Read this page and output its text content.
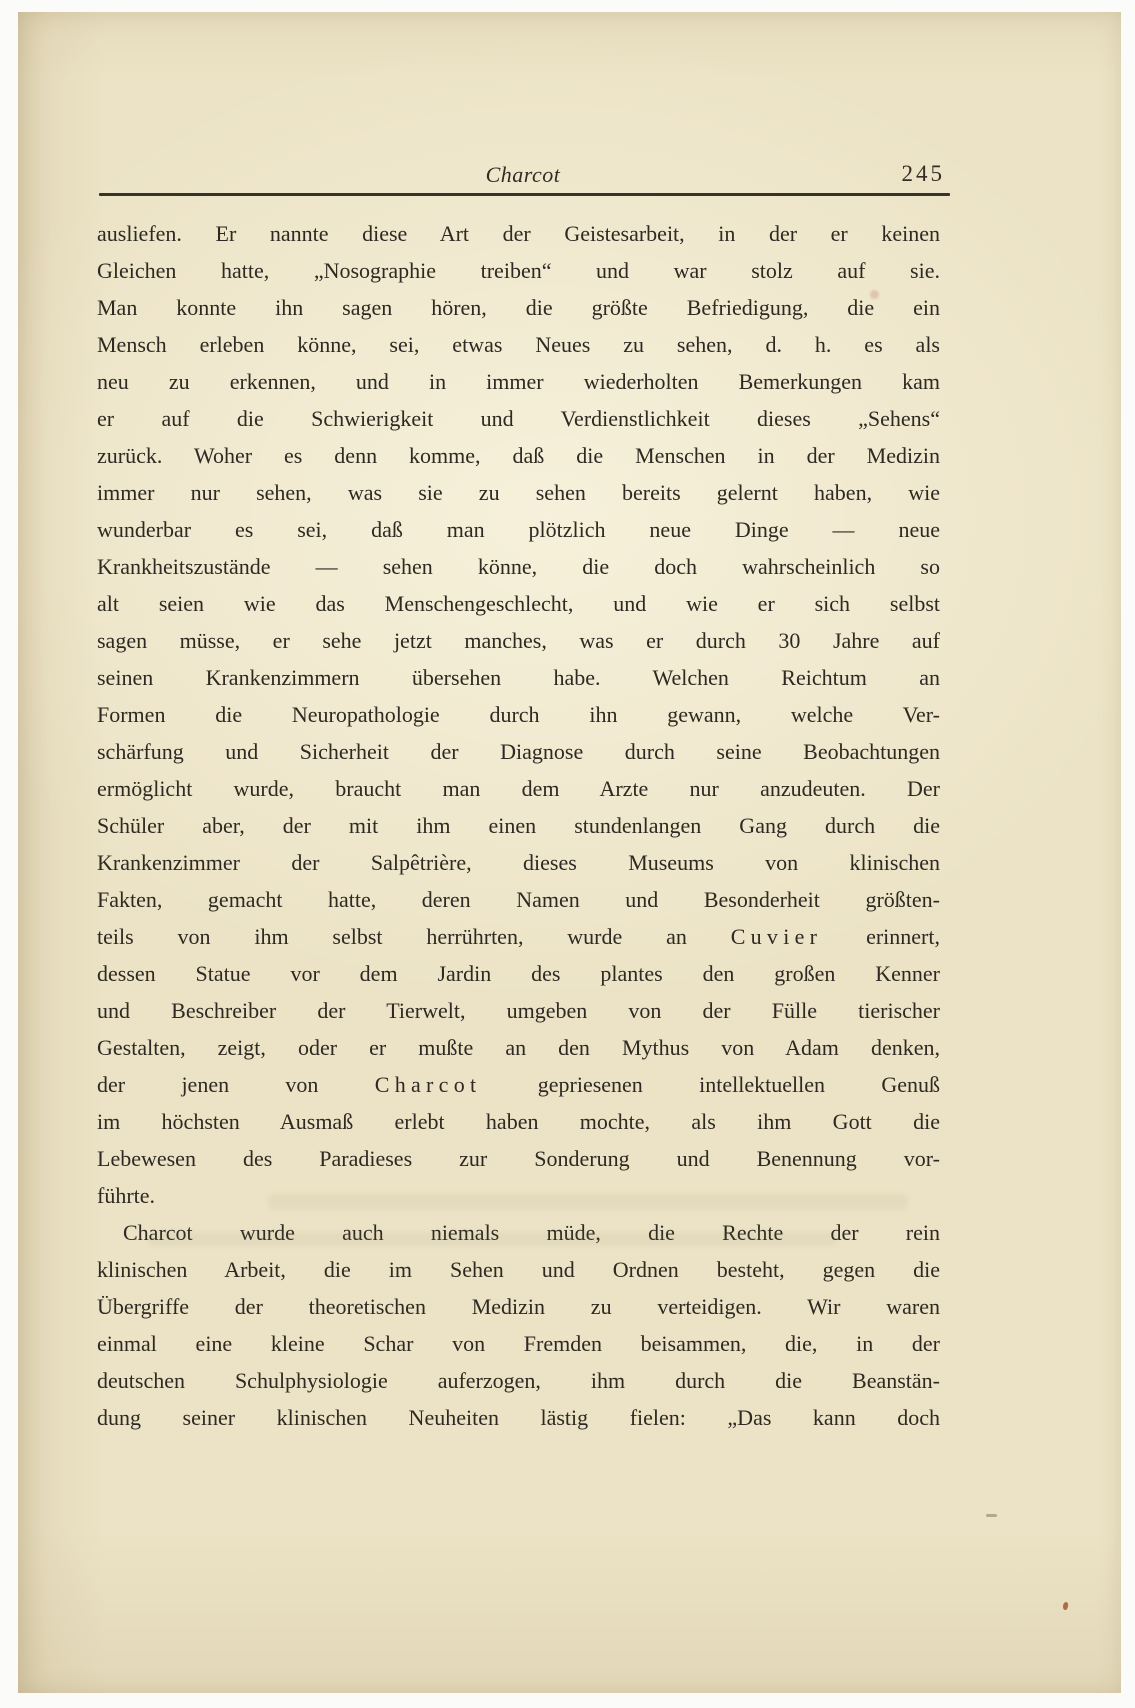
Charcot	245
ausliefen. Er nannte diese Art der Geistesarbeit, in der er keinen
Gleichen hatte, „Nosographie treiben“ und war stolz auf sie.
Man konnte ihn sagen hören, die größte Befriedigung, die ein
Mensch erleben könne, sei, etwas Neues zu sehen, d. h. es als
neu zu erkennen, und in immer wiederholten Bemerkungen kam
er auf die Schwierigkeit und Verdienstlichkeit dieses „Sehens“
zurück. Woher es denn komme, daß die Menschen in der Medizin
immer nur sehen, was sie zu sehen bereits gelernt haben, wie
wunderbar es sei, daß man plötzlich neue Dinge — neue
Krankheitszustände — sehen könne, die doch wahrscheinlich so
alt seien wie das Menschengeschlecht, und wie er sich selbst
sagen müsse, er sehe jetzt manches, was er durch 30 Jahre auf
seinen Krankenzimmern übersehen habe. Welchen Reichtum an
Formen die Neuropathologie durch ihn gewann, welche Ver-
schärfung und Sicherheit der Diagnose durch seine Beobachtungen
ermöglicht wurde, braucht man dem Arzte nur anzudeuten. Der
Schüler aber, der mit ihm einen stundenlangen Gang durch die
Krankenzimmer der Salpêtrière, dieses Museums von klinischen
Fakten, gemacht hatte, deren Namen und Besonderheit größten-
teils von ihm selbst herrührten, wurde an Cuvier erinnert,
dessen Statue vor dem Jardin des plantes den großen Kenner
und Beschreiber der Tierwelt, umgeben von der Fülle tierischer
Gestalten, zeigt, oder er mußte an den Mythus von Adam denken,
der jenen von Charcot gepriesenen intellektuellen Genuß
im höchsten Ausmaß erlebt haben mochte, als ihm Gott die
Lebewesen des Paradieses zur Sonderung und Benennung vor-
führte.
Charcot wurde auch niemals müde, die Rechte der rein
klinischen Arbeit, die im Sehen und Ordnen besteht, gegen die
Übergriffe der theoretischen Medizin zu verteidigen. Wir waren
einmal eine kleine Schar von Fremden beisammen, die, in der
deutschen Schulphysiologie auferzogen, ihm durch die Beanstän-
dung seiner klinischen Neuheiten lästig fielen: „Das kann doch
